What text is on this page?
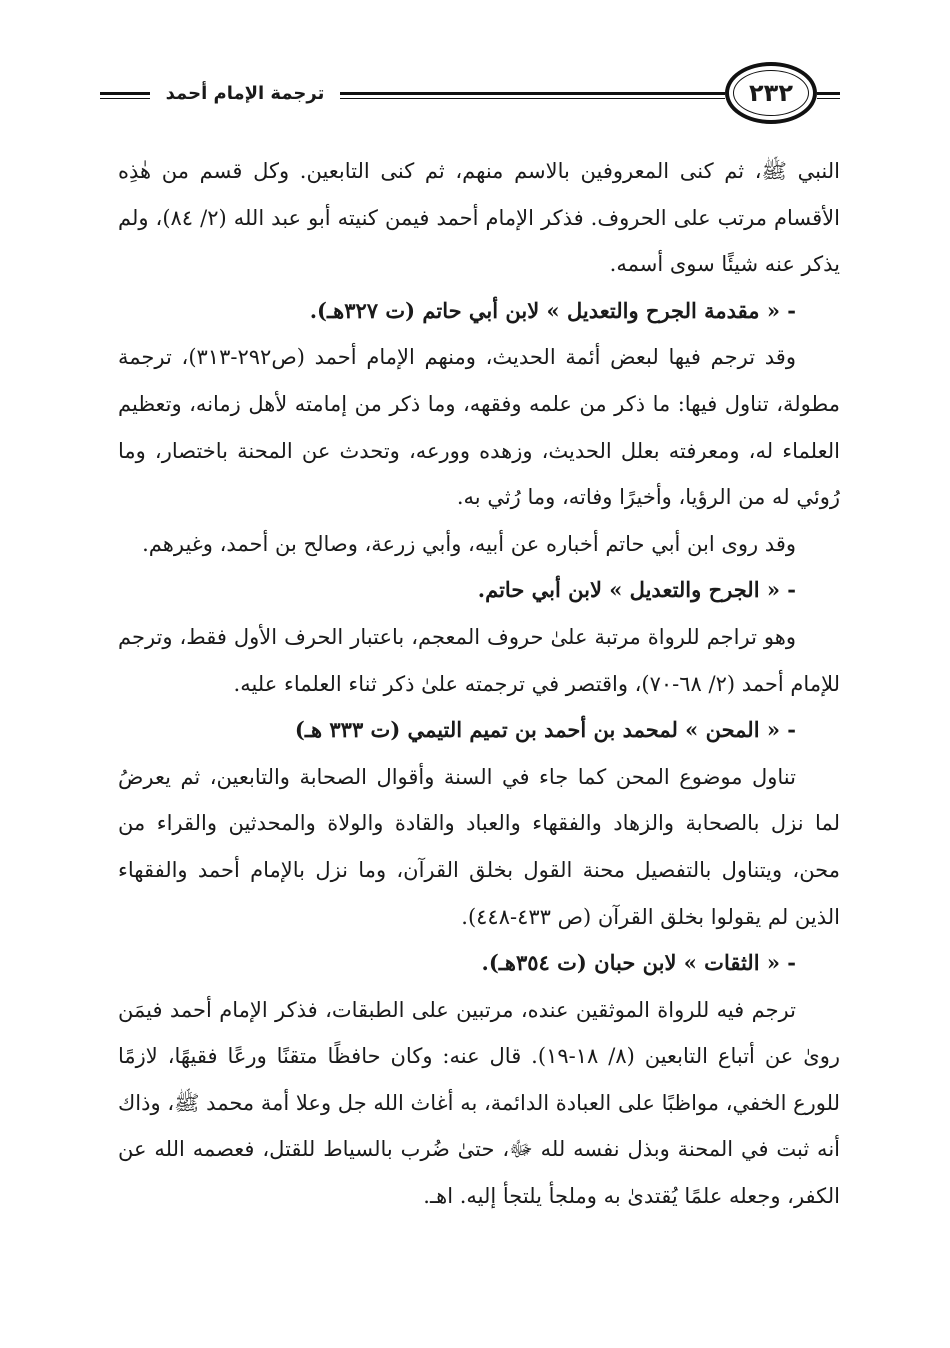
ترجمة الإمام أحمد	٢٣٢

النبي ﷺ، ثم كنى المعروفين بالاسم منهم، ثم كنى التابعين. وكل قسم من هٰذِه الأقسام مرتب على الحروف. فذكر الإمام أحمد فيمن كنيته أبو عبد الله (٢/ ٨٤)، ولم يذكر عنه شيئًا سوى أسمه.

- « مقدمة الجرح والتعديل » لابن أبي حاتم (ت ٣٢٧هـ).

وقد ترجم فيها لبعض أئمة الحديث، ومنهم الإمام أحمد (ص٢٩٢-٣١٣)، ترجمة مطولة، تناول فيها: ما ذكر من علمه وفقهه، وما ذكر من إمامته لأهل زمانه، وتعظيم العلماء له، ومعرفته بعلل الحديث، وزهده وورعه، وتحدث عن المحنة باختصار، وما رُوئي له من الرؤيا، وأخيرًا وفاته، وما رُثي به.

وقد روى ابن أبي حاتم أخباره عن أبيه، وأبي زرعة، وصالح بن أحمد، وغيرهم.

- « الجرح والتعديل » لابن أبي حاتم.

وهو تراجم للرواة مرتبة علىٰ حروف المعجم، باعتبار الحرف الأول فقط، وترجم للإمام أحمد (٢/ ٦٨-٧٠)، واقتصر في ترجمته علىٰ ذكر ثناء العلماء عليه.

- « المحن » لمحمد بن أحمد بن تميم التيمي (ت ٣٣٣ هـ)

تناول موضوع المحن كما جاء في السنة وأقوال الصحابة والتابعين، ثم يعرضُ لما نزل بالصحابة والزهاد والفقهاء والعباد والقادة والولاة والمحدثين والقراء من محن، ويتناول بالتفصيل محنة القول بخلق القرآن، وما نزل بالإمام أحمد والفقهاء الذين لم يقولوا بخلق القرآن (ص ٤٣٣-٤٤٨).

- « الثقات » لابن حبان (ت ٣٥٤هـ).

ترجم فيه للرواة الموثقين عنده، مرتبين على الطبقات، فذكر الإمام أحمد فيمَن روىٰ عن أتباع التابعين (٨/ ١٨-١٩). قال عنه: وكان حافظًا متقنًا ورعًا فقيهًا، لازمًا للورع الخفي، مواظبًا على العبادة الدائمة، به أغاث الله جل وعلا أمة محمد ﷺ، وذاك أنه ثبت في المحنة وبذل نفسه لله ﷻ، حتىٰ ضُرب بالسياط للقتل، فعصمه الله عن الكفر، وجعله علمًا يُقتدىٰ به وملجأ يلتجأ إليه. اهـ.
